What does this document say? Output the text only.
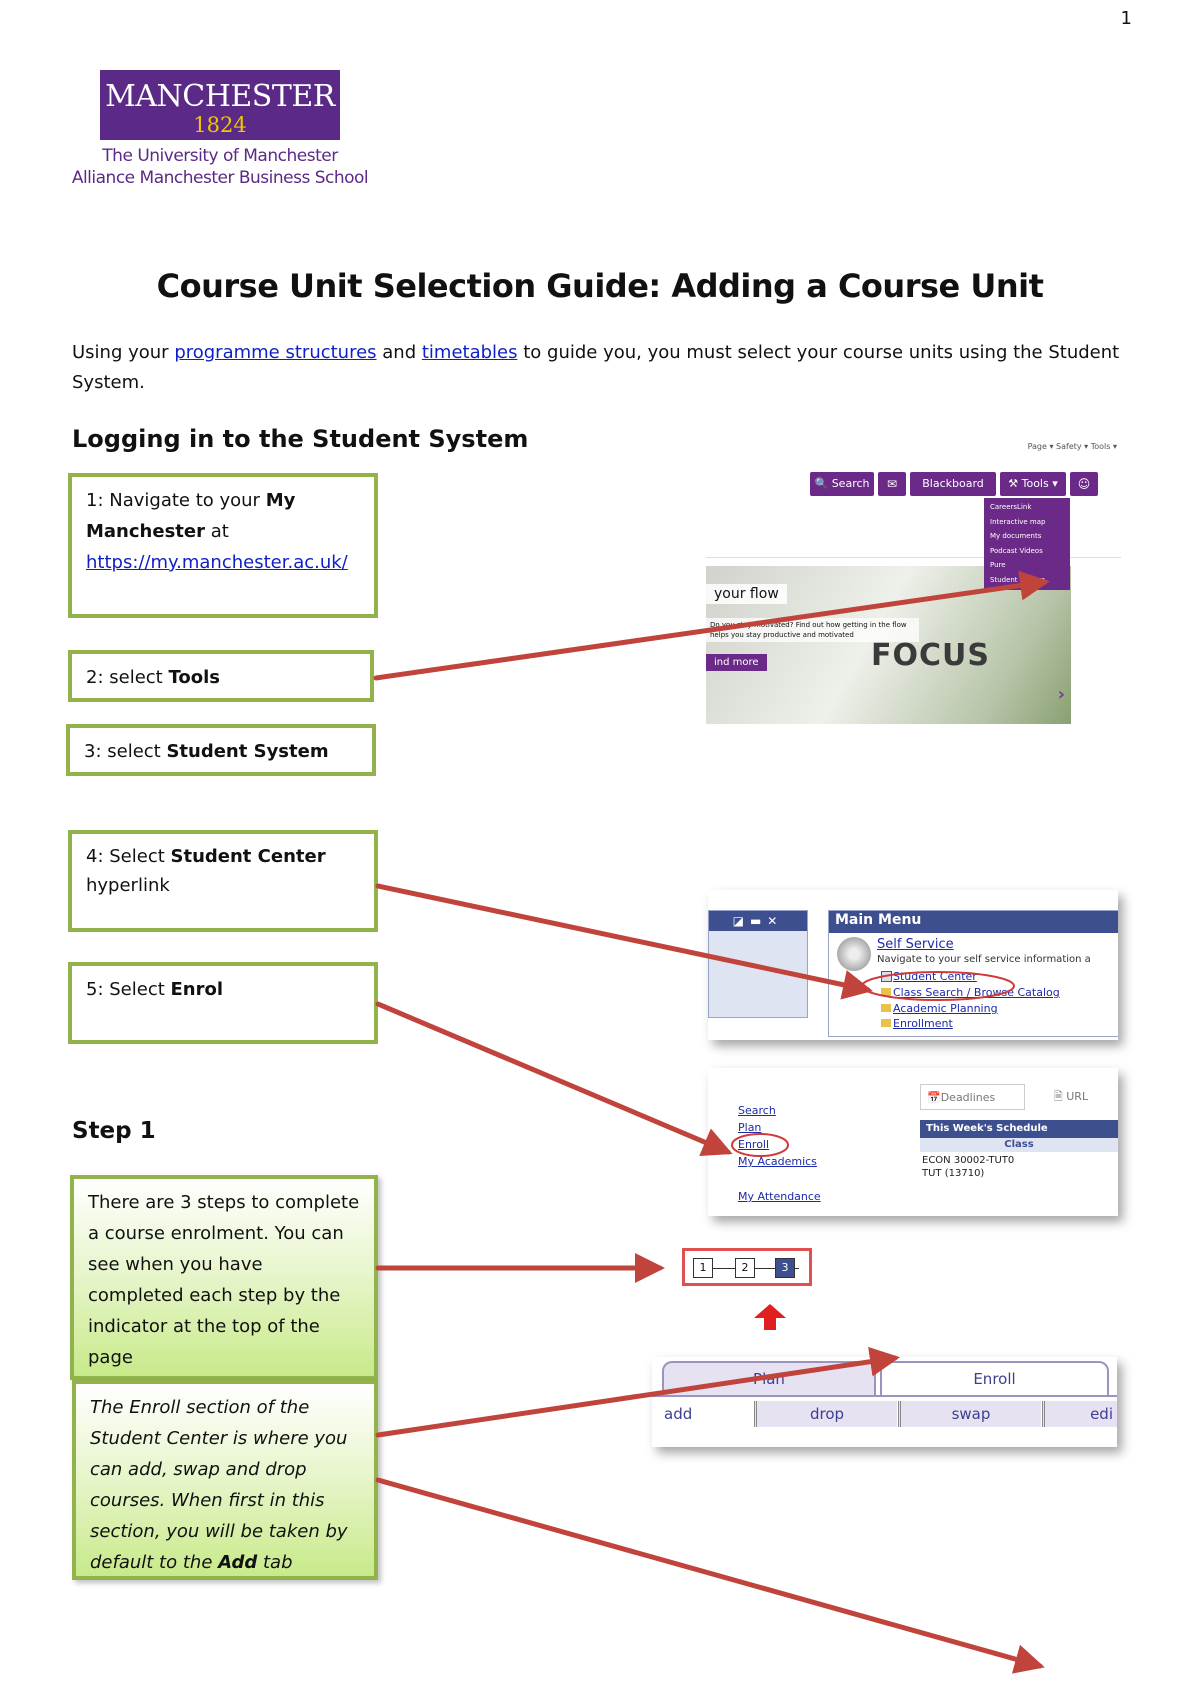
1
MANCHESTER
1824
The University of Manchester
Alliance Manchester Business School
Course Unit Selection Guide: Adding a Course Unit
Using your programme structures and timetables to guide you, you must select your course units using the Student System.
Logging in to the Student System
1: Navigate to your My Manchester at
https://my.manchester.ac.uk/
2: select Tools
3: select Student System
4: Select Student Center
hyperlink
5: Select Enrol
Step 1
There are 3 steps to complete a course enrolment. You can see when you have completed each step by the indicator at the top of the page
The Enroll section of the Student Center is where you can add, swap and drop courses. When first in this section, you will be taken by default to the Add tab
Page ▾ Safety ▾ Tools ▾
🔍 Search	✉	Blackboard	⚒ Tools ▾	☺
your flow
Do you stay motivated? Find out how getting in the flow helps you stay productive and motivated
ind more	FOCUS
›
CareersLink
Interactive map
My documents
Podcast Videos
Pure
Student system
◪▬✕	Main Menu
Self Service
Navigate to your self service information a
Student Center
Class Search / Browse Catalog
Academic Planning
Enrollment
Search
Plan
Enroll
My Academics
My Attendance
📅Deadlines	🗎 URL
This Week's Schedule
Class
ECON 30002-TUT0
TUT (13710)
1	2	3
Plan	Enroll
add	drop	swap	edi
